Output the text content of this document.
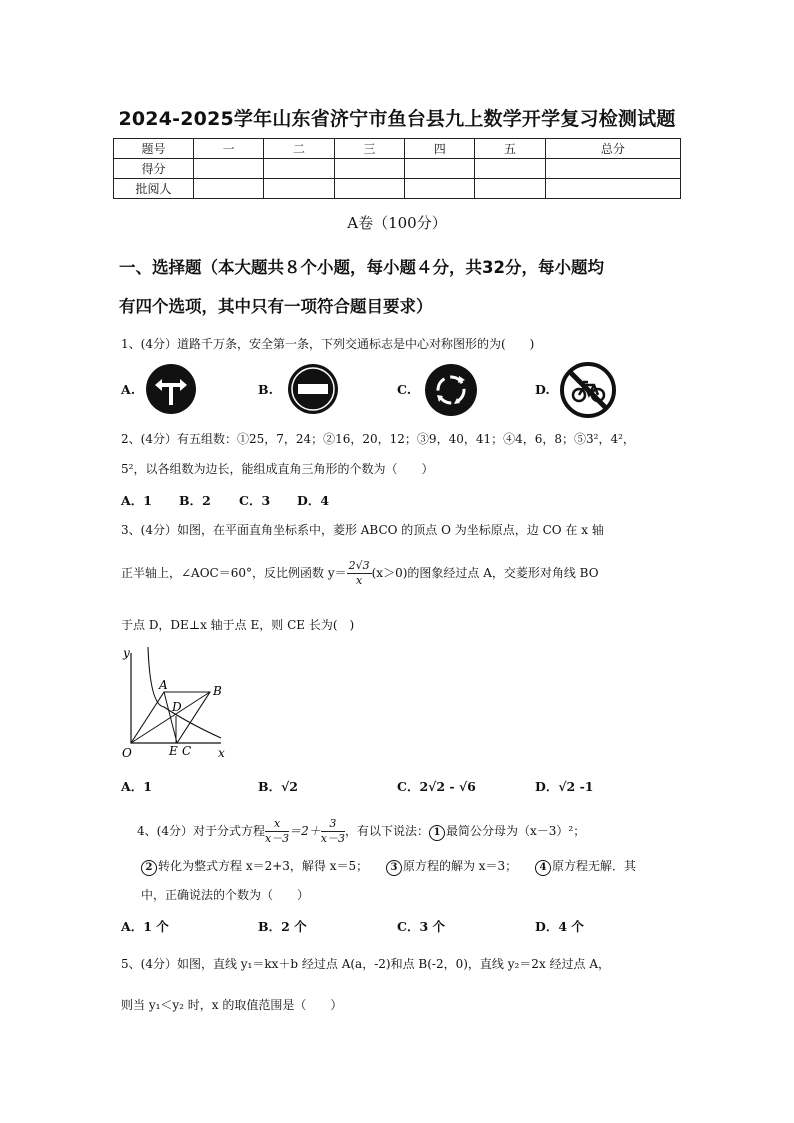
2024-2025学年山东省济宁市鱼台县九上数学开学复习检测试题
题号	一	二	三	四	五	总分
得分						
批阅人						
A卷（100分）
一、选择题（本大题共８个小题，每小题４分，共32分，每小题均
有四个选项，其中只有一项符合题目要求）
1、(4分）道路千万条，安全第一条，下列交通标志是中心对称图形的为(　　)
A.	B.	C.	D.
2、(4分）有五组数：①25，7，24；②16，20，12；③9，40，41；④4，6，8；⑤3²，4²，
5²，以各组数为边长，能组成直角三角形的个数为（　　）
A．1 B．2 C．3 D．4
3、(4分）如图，在平面直角坐标系中，菱形 ABCO 的顶点 O 为坐标原点，边 CO 在 x 轴
正半轴上，∠AOC＝60°，反比例函数 $y= \frac{2√3}{x} (x>0)$的图象经过点 A，交菱形对角线 BO
于点 D，DE⊥x 轴于点 E，则 CE 长为(　)
y
A	B
D
O	E C x
A．1	B．√2	C．2√2 - √6	D．√2 -1
4、(4分）对于分式方程 $\frac{x}{x-3} =2+ \frac{3}{x-3}$ ，有以下说法： 1 最简公分母为（x－3）²；
2 转化为整式方程 x＝2+3，解得 x＝5； 3 原方程的解为 x＝3； 4 原方程无解．其
中，正确说法的个数为（　　）
A．1 个	B．2 个	C．3 个	D．4 个
5、(4分）如图，直线 y₁＝kx＋b 经过点 A(a，-2)和点 B(-2，0)，直线 y₂＝2x 经过点 A，
则当 y₁＜y₂ 时，x 的取值范围是（　　）
